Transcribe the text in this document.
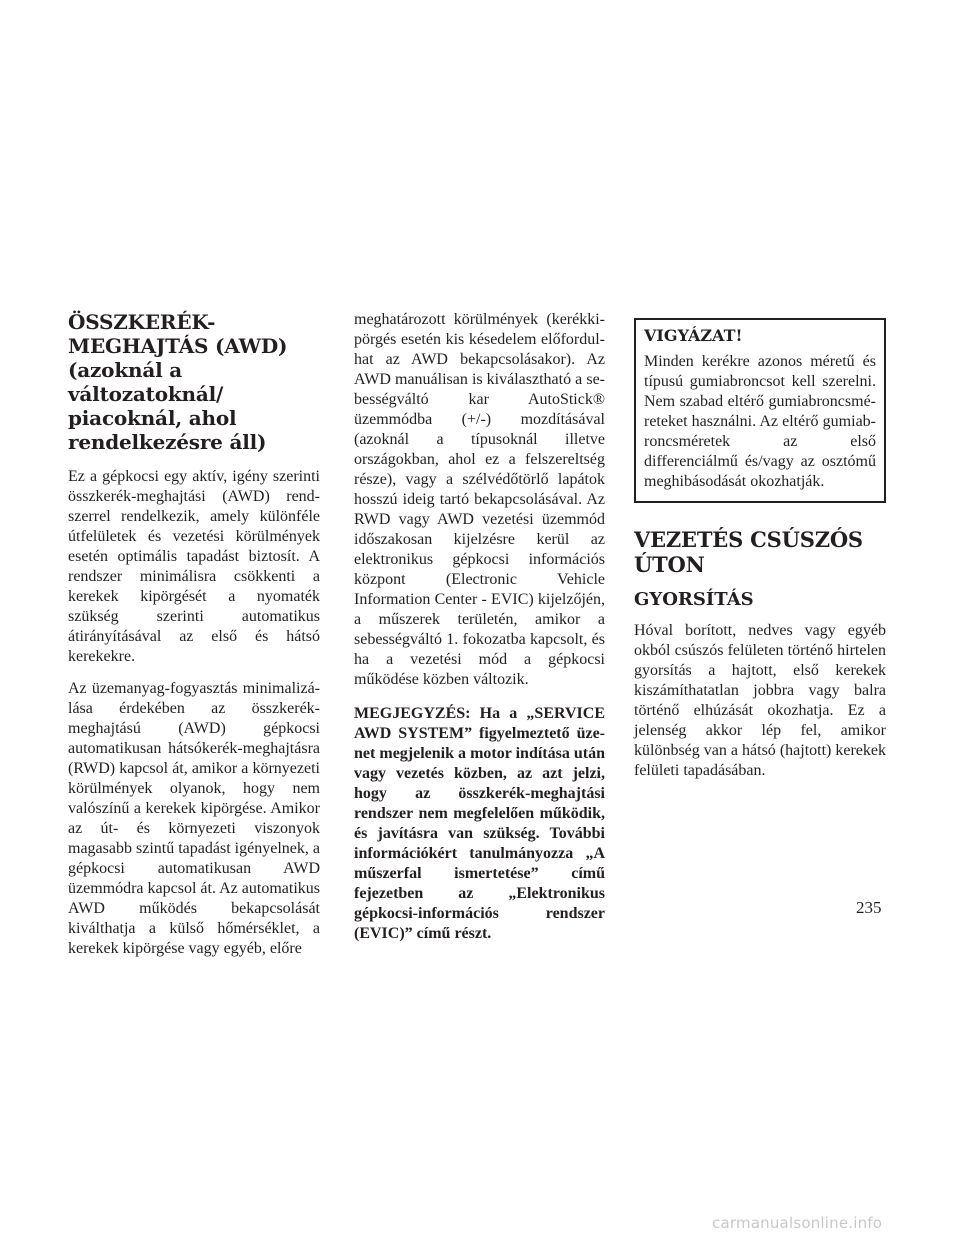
ÖSSZKERÉK-
MEGHAJTÁS (AWD)
(azoknál a változatoknál/
piacoknál, ahol
rendelkezésre áll)

Ez a gépkocsi egy aktív, igény szerinti összkerék-meghajtási (AWD) rendszerrel rendelkezik, amely különféle útfelületek és vezetési körülmények esetén optimális tapadást biztosít. A rendszer minimálisra csökkenti a kerekek kipörgését a nyomaték szükség szerinti automatikus átirányításával az első és hátsó kerekekre.

Az üzemanyag-fogyasztás minimalizálása érdekében az összkerék-meghajtású (AWD) gépkocsi automatikusan hátsókerék-meghajtásra (RWD) kapcsol át, amikor a környezeti körülmények olyanok, hogy nem valószínű a kerekek kipörgése. Amikor az út- és környezeti viszonyok magasabb szintű tapadást igényelnek, a gépkocsi automatikusan AWD üzemmódra kapcsol át. Az automatikus AWD működés bekapcsolását kiválthatja a külső hőmérséklet, a kerekek kipörgése vagy egyéb, előre

meghatározott körülmények (kerékkipörgés esetén kis késedelem előfordulhat az AWD bekapcsolásakor). Az AWD manuálisan is kiválasztható a sebességváltó kar AutoStick® üzemmódba (+/-) mozdításával (azoknál a típusoknál illetve országokban, ahol ez a felszereltség része), vagy a szélvédőtörlő lapátok hosszú ideig tartó bekapcsolásával. Az RWD vagy AWD vezetési üzemmód időszakosan kijelzésre kerül az elektronikus gépkocsi információs központ (Electronic Vehicle Information Center - EVIC) kijelzőjén, a műszerek területén, amikor a sebességváltó 1. fokozatba kapcsolt, és ha a vezetési mód a gépkocsi működése közben változik.

MEGJEGYZÉS: Ha a „SERVICE AWD SYSTEM” figyelmeztető üzenet megjelenik a motor indítása után vagy vezetés közben, az azt jelzi, hogy az összkerék-meghajtási rendszer nem megfelelően működik, és javításra van szükség. További információkért tanulmányozza „A műszerfal ismertetése” című fejezetben az „Elektronikus gépkocsi-információs rendszer (EVIC)” című részt.

VIGYÁZAT!

Minden kerékre azonos méretű és típusú gumiabroncsot kell szerelni. Nem szabad eltérő gumiabroncsméreteket használni. Az eltérő gumiabroncsméretek az első differenciálmű és/vagy az osztómű meghibásodását okozhatják.

VEZETÉS CSÚSZÓS
ÚTON
GYORSÍTÁS

Hóval borított, nedves vagy egyéb okból csúszós felületen történő hirtelen gyorsítás a hajtott, első kerekek kiszámíthatatlan jobbra vagy balra történő elhúzását okozhatja. Ez a jelenség akkor lép fel, amikor különbség van a hátsó (hajtott) kerekek felületi tapadásában.

235
carmanualsonline.info
